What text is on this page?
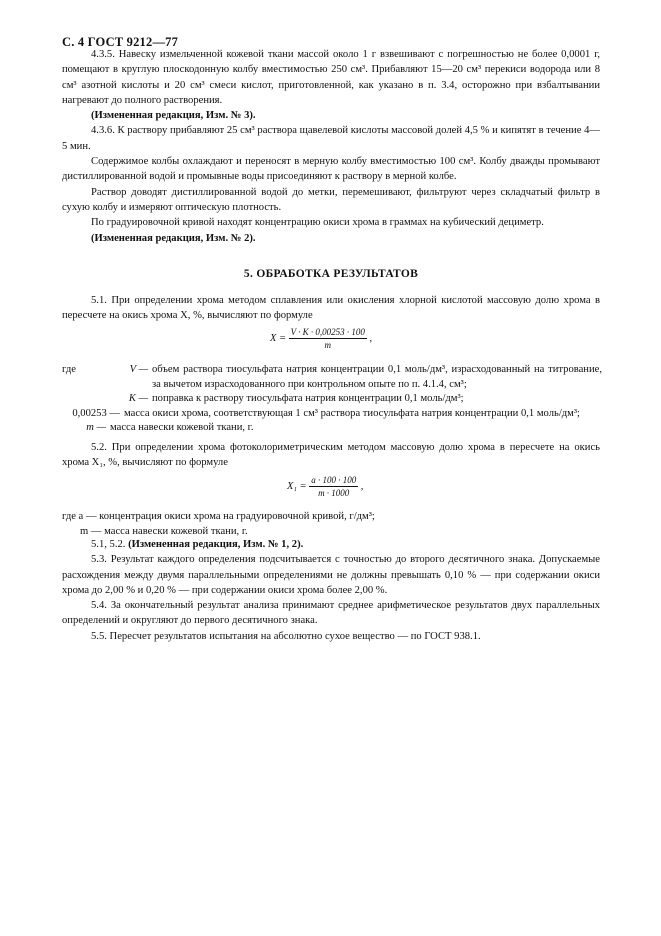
С. 4 ГОСТ 9212—77

4.3.5. Навеску измельченной кожевой ткани массой около 1 г взвешивают с погрешностью не более 0,0001 г, помещают в круглую плоскодонную колбу вместимостью 250 см³. Прибавляют 15—20 см³ перекиси водорода или 8 см³ азотной кислоты и 20 см³ смеси кислот, приготовленной, как указано в п. 3.4, осторожно при взбалтывании нагревают до полного растворения.

(Измененная редакция, Изм. № 3).

4.3.6. К раствору прибавляют 25 см³ раствора щавелевой кислоты массовой долей 4,5 % и кипятят в течение 4—5 мин.

Содержимое колбы охлаждают и переносят в мерную колбу вместимостью 100 см³. Колбу дважды промывают дистиллированной водой и промывные воды присоединяют к раствору в мерной колбе.

Раствор доводят дистиллированной водой до метки, перемешивают, фильтруют через складчатый фильтр в сухую колбу и измеряют оптическую плотность.

По градуировочной кривой находят концентрацию окиси хрома в граммах на кубический дециметр.

(Измененная редакция, Изм. № 2).

5. ОБРАБОТКА РЕЗУЛЬТАТОВ

5.1. При определении хрома методом сплавления или окисления хлорной кислотой массовую долю хрома в пересчете на окись хрома X, %, вычисляют по формуле

$X = \frac{V \cdot K \cdot 0,00253 \cdot 100}{m}$ ,
где	V — объем раствора тиосульфата натрия концентрации 0,1 моль/дм³, израсходованный на титрование, за вычетом израсходованного при контрольном опыте по п. 4.1.4, см³;
K — поправка к раствору тиосульфата натрия концентрации 0,1 моль/дм³;
0,00253 — масса окиси хрома, соответствующая 1 см³ раствора тиосульфата натрия концентрации 0,1 моль/дм³;
m — масса навески кожевой ткани, г.

5.2. При определении хрома фотоколориметрическим методом массовую долю хрома в пересчете на окись хрома X₁, %, вычисляют по формуле

$X_1 = \frac{a \cdot 100 \cdot 100}{m \cdot 1000}$ ,
где a — концентрация окиси хрома на градуировочной кривой, г/дм³;
m — масса навески кожевой ткани, г.

5.1, 5.2. (Измененная редакция, Изм. № 1, 2).

5.3. Результат каждого определения подсчитывается с точностью до второго десятичного знака. Допускаемые расхождения между двумя параллельными определениями не должны превышать 0,10 % — при содержании окиси хрома до 2,00 % и 0,20 % — при содержании окиси хрома более 2,00 %.

5.4. За окончательный результат анализа принимают среднее арифметическое результатов двух параллельных определений и округляют до первого десятичного знака.

5.5. Пересчет результатов испытания на абсолютно сухое вещество — по ГОСТ 938.1.
